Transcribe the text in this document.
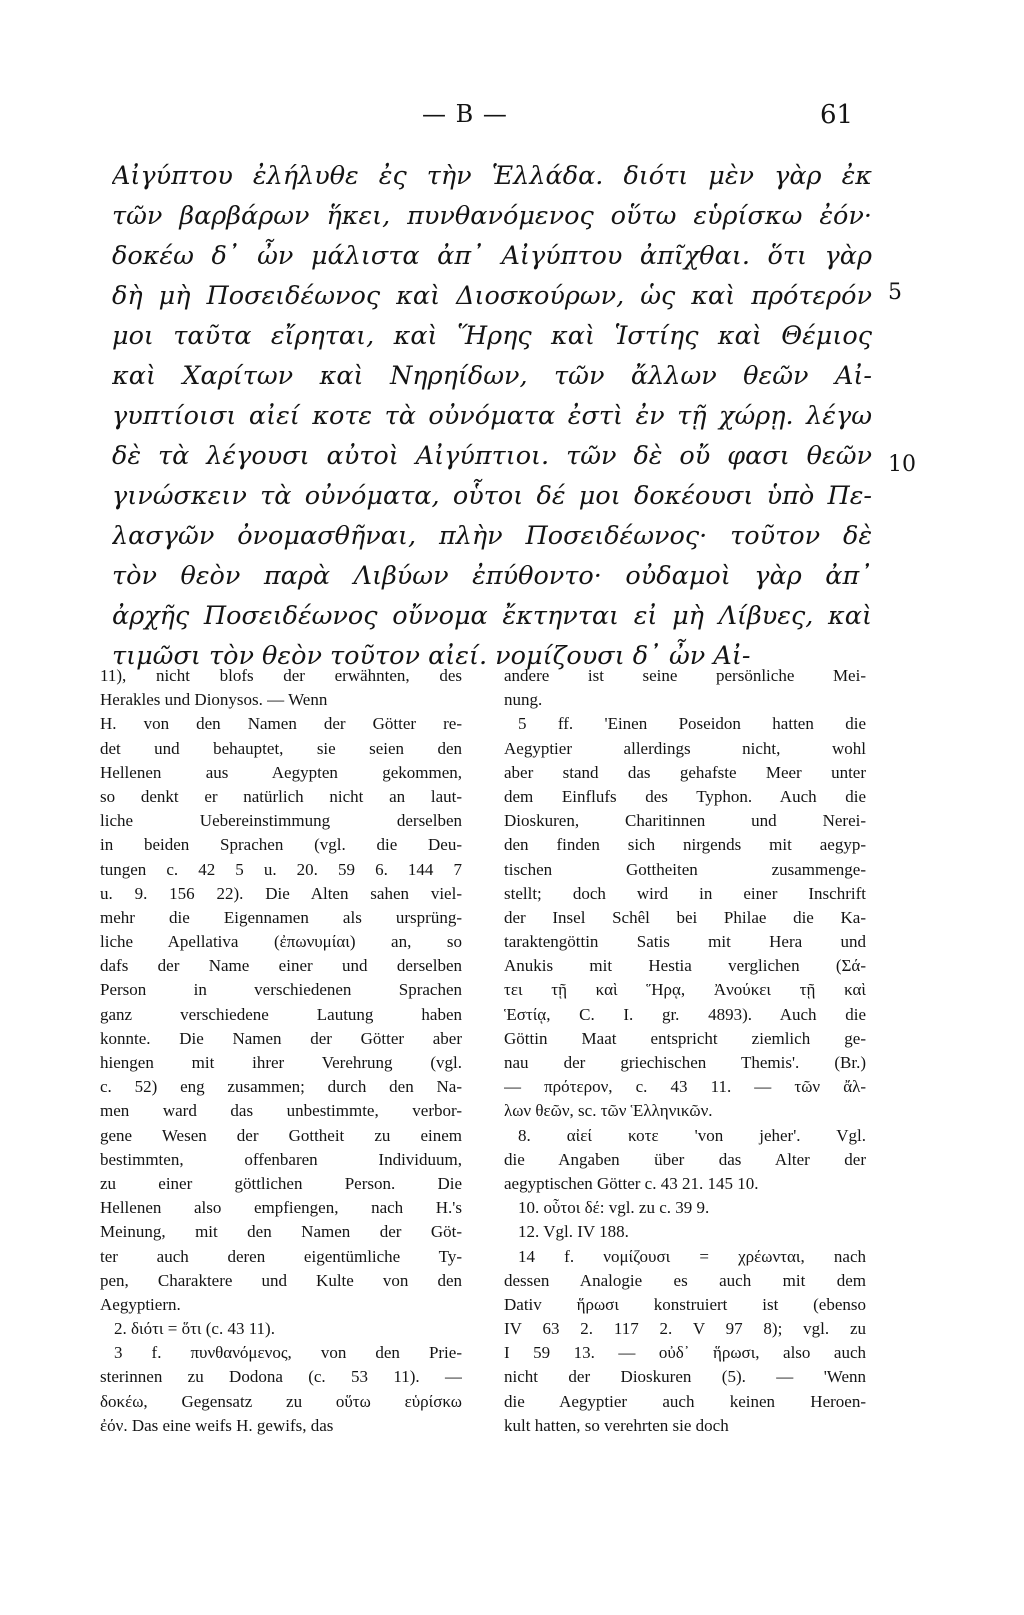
— B —	61
Αἰγύπτου ἐλήλυθε ἐς τὴν Ἑλλάδα. διότι μὲν γὰρ ἐκ
τῶν βαρβάρων ἥκει, πυνθανόμενος οὕτω εὑρίσκω ἐόν·
δοκέω δ᾽ ὦν μάλιστα ἀπ᾽ Αἰγύπτου ἀπῖχθαι. ὅτι γὰρ
δὴ μὴ Ποσειδέωνος καὶ Διοσκούρων, ὡς καὶ πρότερόν
μοι ταῦτα εἴρηται, καὶ Ἥρης καὶ Ἱστίης καὶ Θέμιος
καὶ Χαρίτων καὶ Νηρηίδων, τῶν ἄλλων θεῶν Αἰ-
γυπτίοισι αἰεί κοτε τὰ οὐνόματα ἐστὶ ἐν τῇ χώρῃ. λέγω
δὲ τὰ λέγουσι αὐτοὶ Αἰγύπτιοι. τῶν δὲ οὔ φασι θεῶν
γινώσκειν τὰ οὐνόματα, οὗτοι δέ μοι δοκέουσι ὑπὸ Πε-
λασγῶν ὀνομασθῆναι, πλὴν Ποσειδέωνος· τοῦτον δὲ
τὸν θεὸν παρὰ Λιβύων ἐπύθοντο· οὐδαμοὶ γὰρ ἀπ᾽
ἀρχῆς Ποσειδέωνος οὔνομα ἔκτηνται εἰ μὴ Λίβυες, καὶ
τιμῶσι τὸν θεὸν τοῦτον αἰεί. νομίζουσι δ᾽ ὦν Αἰ-
5
10
11), nicht blofs der erwähnten, des
Herakles und Dionysos. — Wenn
H. von den Namen der Götter re-
det und behauptet, sie seien den
Hellenen aus Aegypten gekommen,
so denkt er natürlich nicht an laut-
liche Uebereinstimmung derselben
in beiden Sprachen (vgl. die Deu-
tungen c. 42 5 u. 20. 59 6. 144 7
u. 9. 156 22). Die Alten sahen viel-
mehr die Eigennamen als ursprüng-
liche Apellativa (ἐπωνυμίαι) an, so
dafs der Name einer und derselben
Person in verschiedenen Sprachen
ganz verschiedene Lautung haben
konnte. Die Namen der Götter aber
hiengen mit ihrer Verehrung (vgl.
c. 52) eng zusammen; durch den Na-
men ward das unbestimmte, verbor-
gene Wesen der Gottheit zu einem
bestimmten, offenbaren Individuum,
zu einer göttlichen Person. Die
Hellenen also empfiengen, nach H.'s
Meinung, mit den Namen der Göt-
ter auch deren eigentümliche Ty-
pen, Charaktere und Kulte von den
Aegyptiern.
2. διότι = ὅτι (c. 43 11).
3 f. πυνθανόμενος, von den Prie-
sterinnen zu Dodona (c. 53 11). —
δοκέω, Gegensatz zu οὕτω εὑρίσκω
ἐόν. Das eine weifs H. gewifs, das
andere ist seine persönliche Mei-
nung.
5 ff. 'Einen Poseidon hatten die
Aegyptier allerdings nicht, wohl
aber stand das gehafste Meer unter
dem Einflufs des Typhon. Auch die
Dioskuren, Charitinnen und Nerei-
den finden sich nirgends mit aegyp-
tischen Gottheiten zusammenge-
stellt; doch wird in einer Inschrift
der Insel Schêl bei Philae die Ka-
taraktengöttin Satis mit Hera und
Anukis mit Hestia verglichen (Σά-
τει τῇ καὶ Ἥρᾳ, Ἀνούκει τῇ καὶ
Ἑστίᾳ, C. I. gr. 4893). Auch die
Göttin Maat entspricht ziemlich ge-
nau der griechischen Themis'. (Br.)
— πρότερον, c. 43 11. — τῶν ἄλ-
λων θεῶν, sc. τῶν Ἑλληνικῶν.
8. αἰεί κοτε 'von jeher'. Vgl.
die Angaben über das Alter der
aegyptischen Götter c. 43 21. 145 10.
10. οὗτοι δέ: vgl. zu c. 39 9.
12. Vgl. IV 188.
14 f. νομίζουσι = χρέωνται, nach
dessen Analogie es auch mit dem
Dativ ἥρωσι konstruiert ist (ebenso
IV 63 2. 117 2. V 97 8); vgl. zu
I 59 13. — οὐδ᾽ ἥρωσι, also auch
nicht der Dioskuren (5). — 'Wenn
die Aegyptier auch keinen Heroen-
kult hatten, so verehrten sie doch
